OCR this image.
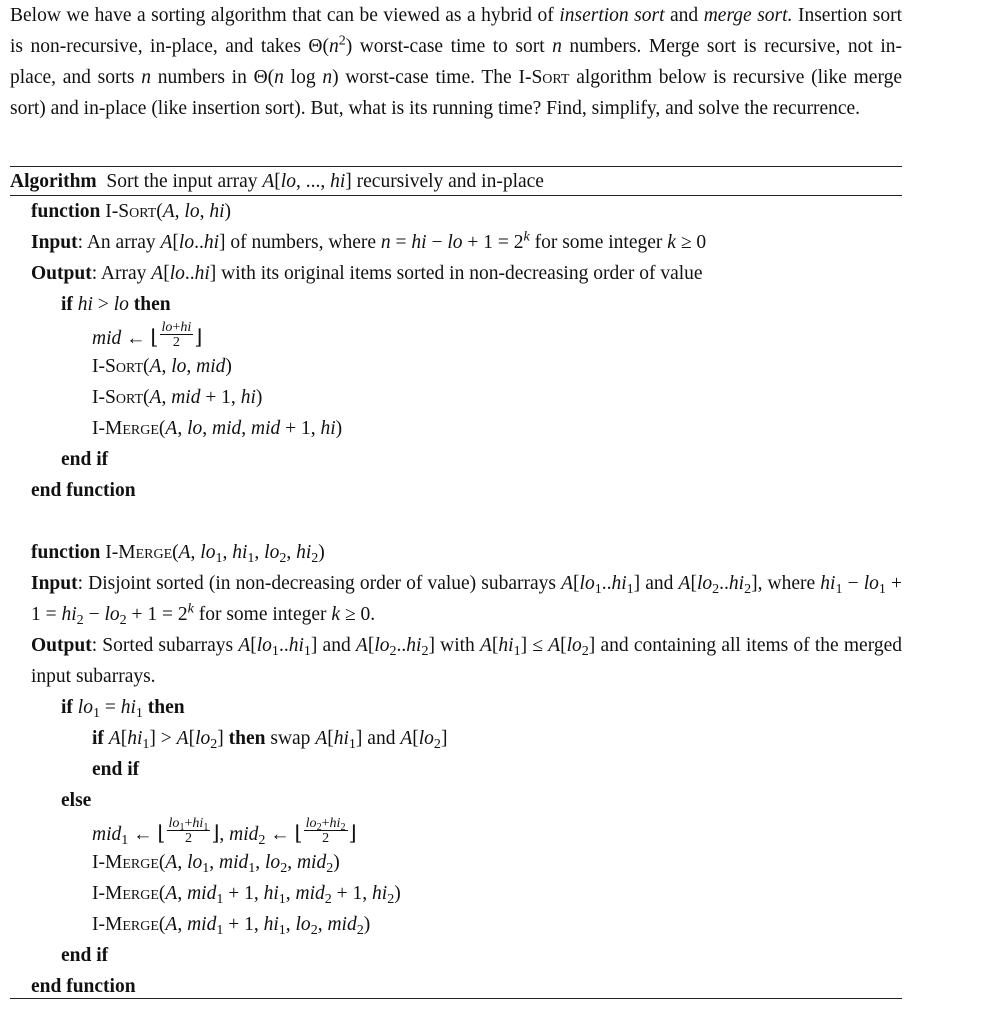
Below we have a sorting algorithm that can be viewed as a hybrid of insertion sort and merge sort. Insertion sort is non-recursive, in-place, and takes $\Theta(n^2)$ worst-case time to sort n numbers. Merge sort is recursive, not in-place, and sorts n numbers in Θ(n log n) worst-case time. The I-Sort algorithm below is recursive (like merge sort) and in-place (like insertion sort). But, what is its running time? Find, simplify, and solve the recurrence.

Algorithm Sort the input array A[lo, ..., hi] recursively and in-place
function I-Sort(A, lo, hi)
Input: An array A[lo..hi] of numbers, where n = hi − lo + $1 = 2^k$ for some integer k ≥ 0
Output: Array A[lo..hi] with its original items sorted in non-decreasing order of value
if hi > lo then
mid ← ⌊ $\frac{lo+hi}{2}$ ⌋
I-Sort(A, lo, mid)
I-Sort(A, mid + 1, hi)
I-Merge(A, lo, mid, mid + 1, hi)
end if
end function
function I-Merge(A, $lo_1$, $hi_1$, $lo_2$, $hi_2$)
Input: Disjoint sorted (in non-decreasing order of value) subarrays $A[lo_1..hi_1]$ and $A[lo_2..hi_2]$, where $hi_1 - lo_1 + 1 = hi_2 - lo_2 + 1 = 2^k$ for some integer k ≥ 0.
Output: Sorted subarrays $A[lo_1..hi_1]$ and $A[lo_2..hi_2]$ with $A[hi_1] \le A[lo_2]$ and containing all items of the merged input subarrays.
if $lo_1 = hi_1$ then
if $A[hi_1] > A[lo_2]$ then swap $A[hi_1]$ and $A[lo_2]$
end if
else
mid$_1$ ← ⌊ $\frac{lo_1+hi_1}{2}$ ⌋, mid$_2$ ← ⌊ $\frac{lo_2+hi_2}{2}$ ⌋
I-Merge(A, $lo_1$, mid$_1$, $lo_2$, mid$_2$)
I-Merge(A, mid$_1$ + 1, $hi_1$, mid$_2$ + 1, $hi_2$)
I-Merge(A, mid$_1$ + 1, $hi_1$, $lo_2$, mid$_2$)
end if
end function
